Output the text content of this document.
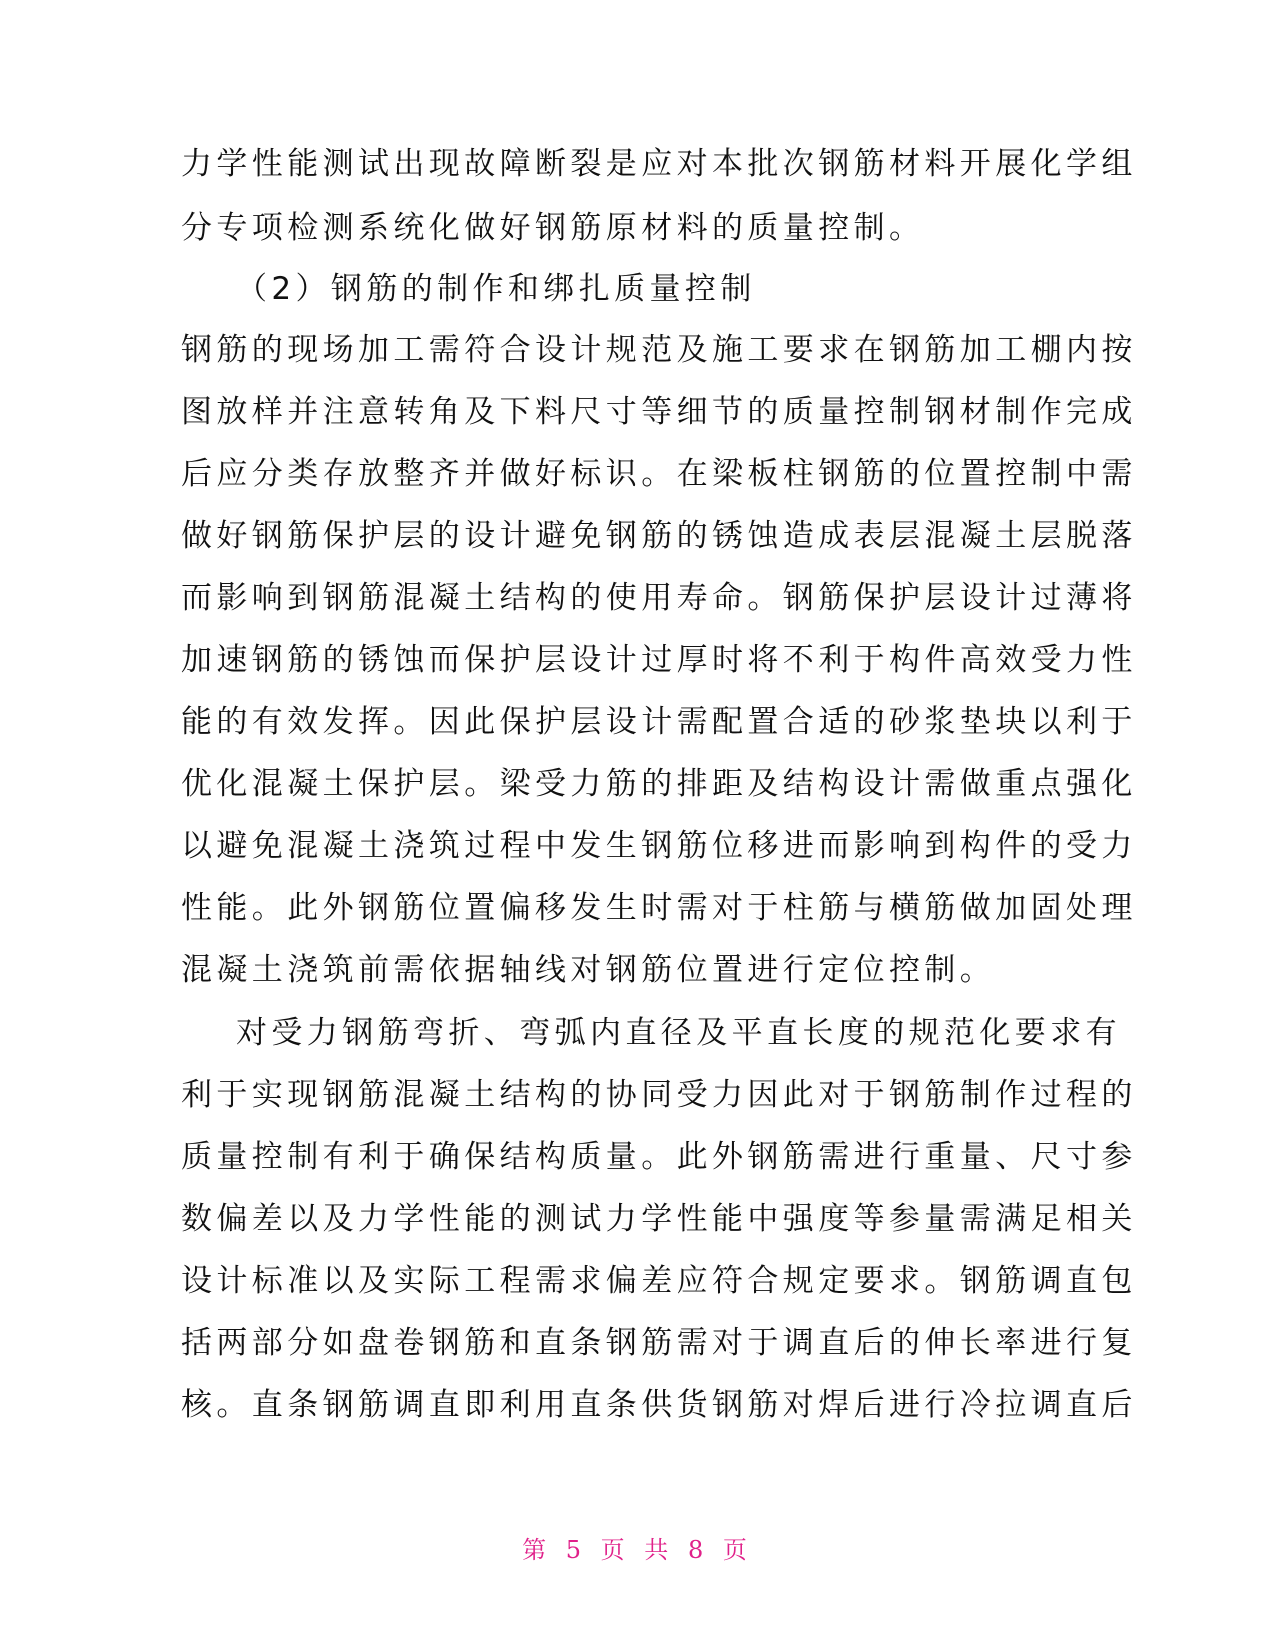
力学性能测试出现故障断裂是应对本批次钢筋材料开展化学组
分专项检测系统化做好钢筋原材料的质量控制。
（2）钢筋的制作和绑扎质量控制
钢筋的现场加工需符合设计规范及施工要求在钢筋加工棚内按
图放样并注意转角及下料尺寸等细节的质量控制钢材制作完成
后应分类存放整齐并做好标识。在梁板柱钢筋的位置控制中需
做好钢筋保护层的设计避免钢筋的锈蚀造成表层混凝土层脱落
而影响到钢筋混凝土结构的使用寿命。钢筋保护层设计过薄将
加速钢筋的锈蚀而保护层设计过厚时将不利于构件高效受力性
能的有效发挥。因此保护层设计需配置合适的砂浆垫块以利于
优化混凝土保护层。梁受力筋的排距及结构设计需做重点强化
以避免混凝土浇筑过程中发生钢筋位移进而影响到构件的受力
性能。此外钢筋位置偏移发生时需对于柱筋与横筋做加固处理
混凝土浇筑前需依据轴线对钢筋位置进行定位控制。
对受力钢筋弯折、弯弧内直径及平直长度的规范化要求有
利于实现钢筋混凝土结构的协同受力因此对于钢筋制作过程的
质量控制有利于确保结构质量。此外钢筋需进行重量、尺寸参
数偏差以及力学性能的测试力学性能中强度等参量需满足相关
设计标准以及实际工程需求偏差应符合规定要求。钢筋调直包
括两部分如盘卷钢筋和直条钢筋需对于调直后的伸长率进行复
核。直条钢筋调直即利用直条供货钢筋对焊后进行冷拉调直后
第 5 页 共 8 页
